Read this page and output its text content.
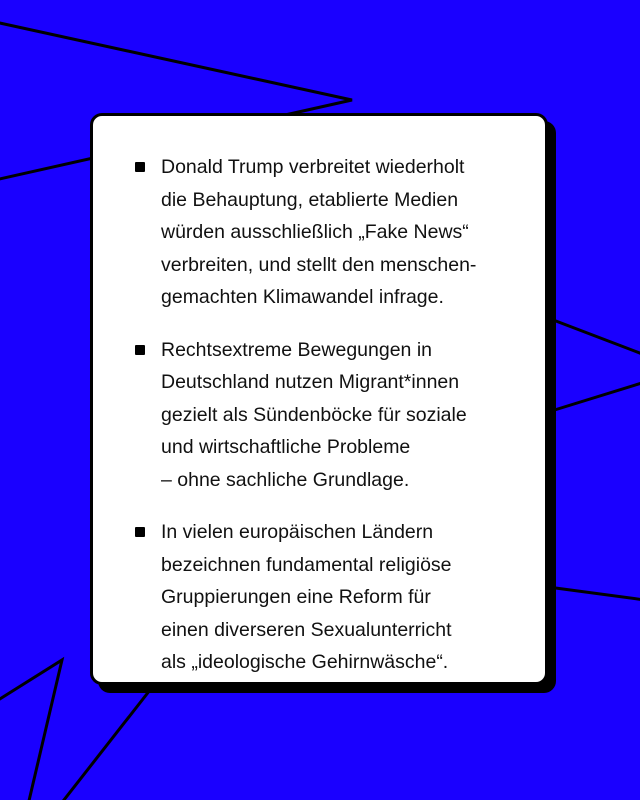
Donald Trump verbreitet wiederholt
die Behauptung, etablierte Medien
würden ausschließlich „Fake News“
verbreiten, und stellt den menschen-
gemachten Klimawandel infrage.

Rechtsextreme Bewegungen in
Deutschland nutzen Migrant*innen
gezielt als Sündenböcke für soziale
und wirtschaftliche Probleme
– ohne sachliche Grundlage.

In vielen europäischen Ländern
bezeichnen fundamental religiöse
Gruppierungen eine Reform für
einen diverseren Sexualunterricht
als „ideologische Gehirnwäsche“.
